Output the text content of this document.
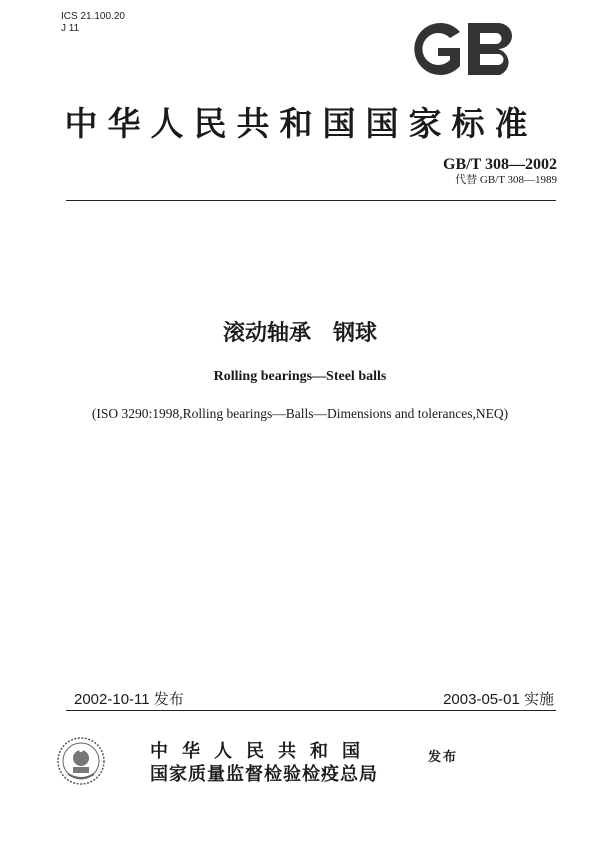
ICS 21.100.20
J 11
中华人民共和国国家标准
GB/T 308—2002
代替 GB/T 308—1989
滚动轴承　钢球
Rolling bearings—Steel balls
(ISO 3290:1998,Rolling bearings—Balls—Dimensions and tolerances,NEQ)
2002-10-11 发布	2003-05-01 实施
中华人民共和国
国家质量监督检验检疫总局
发布
